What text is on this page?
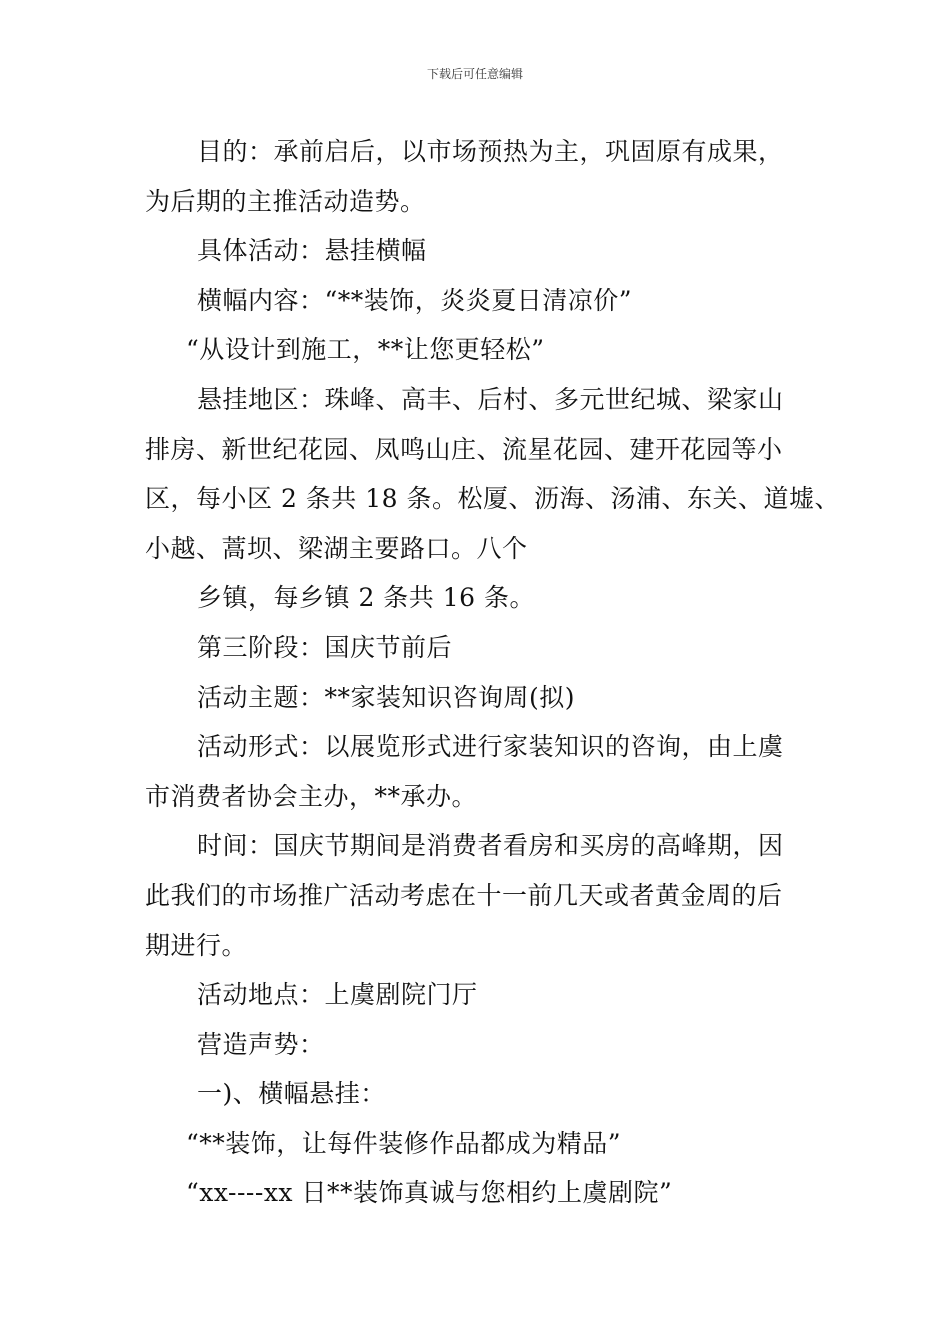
下载后可任意编辑

目的：承前启后，以市场预热为主，巩固原有成果，

为后期的主推活动造势。

具体活动：悬挂横幅

横幅内容：“**装饰，炎炎夏日清凉价”

“从设计到施工，**让您更轻松”

悬挂地区：珠峰、高丰、后村、多元世纪城、梁家山

排房、新世纪花园、凤鸣山庄、流星花园、建开花园等小

区，每小区 2 条共 18 条。松厦、沥海、汤浦、东关、道墟、

小越、蒿坝、梁湖主要路口。八个

乡镇，每乡镇 2 条共 16 条。

第三阶段：国庆节前后

活动主题：**家装知识咨询周(拟)

活动形式：以展览形式进行家装知识的咨询，由上虞

市消费者协会主办，**承办。

时间：国庆节期间是消费者看房和买房的高峰期，因

此我们的市场推广活动考虑在十一前几天或者黄金周的后

期进行。

活动地点：上虞剧院门厅

营造声势：

一)、横幅悬挂：

“**装饰，让每件装修作品都成为精品”

“xx----xx 日**装饰真诚与您相约上虞剧院”
